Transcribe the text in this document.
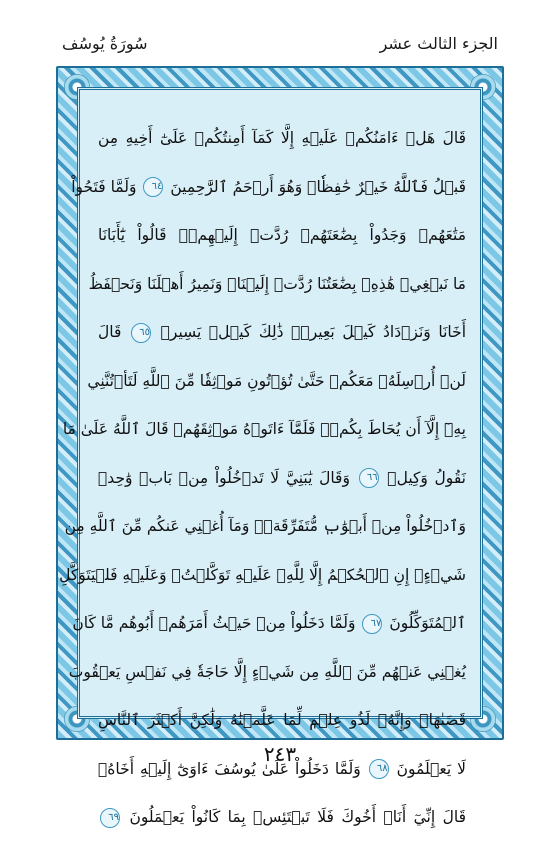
سُورَةُ يُوسُف	الجزء الثالث عشر
قَالَ هَلۡ ءَامَنُكُمۡ عَلَيۡهِ إِلَّا كَمَآ أَمِنتُكُمۡ عَلَىٰٓ أَخِيهِ مِن
قَبۡلُ فَٱللَّهُ خَيۡرٌ حَٰفِظٗاۖ وَهُوَ أَرۡحَمُ ٱلرَّٰحِمِينَ ٦٤ وَلَمَّا فَتَحُواْ
مَتَٰعَهُمۡ وَجَدُواْ بِضَٰعَتَهُمۡ رُدَّتۡ إِلَيۡهِمۡۖ قَالُواْ يَٰٓأَبَانَا
مَا نَبۡغِيۖ هَٰذِهِۦ بِضَٰعَتُنَا رُدَّتۡ إِلَيۡنَاۖ وَنَمِيرُ أَهۡلَنَا وَنَحۡفَظُ
أَخَانَا وَنَزۡدَادُ كَيۡلَ بَعِيرٖۖ ذَٰلِكَ كَيۡلٞ يَسِيرٞ ٦٥ قَالَ
لَنۡ أُرۡسِلَهُۥ مَعَكُمۡ حَتَّىٰ تُؤۡتُونِ مَوۡثِقٗا مِّنَ ٱللَّهِ لَتَأۡتُنَّنِي
بِهِۦٓ إِلَّآ أَن يُحَاطَ بِكُمۡۖ فَلَمَّآ ءَاتَوۡهُ مَوۡثِقَهُمۡ قَالَ ٱللَّهُ عَلَىٰ مَا
نَقُولُ وَكِيلٞ ٦٦ وَقَالَ يَٰبَنِيَّ لَا تَدۡخُلُواْ مِنۢ بَابٖ وَٰحِدٖ
وَٱدۡخُلُواْ مِنۡ أَبۡوَٰبٖ مُّتَفَرِّقَةٖۖ وَمَآ أُغۡنِي عَنكُم مِّنَ ٱللَّهِ مِن
شَيۡءٍۖ إِنِ ٱلۡحُكۡمُ إِلَّا لِلَّهِۖ عَلَيۡهِ تَوَكَّلۡتُۖ وَعَلَيۡهِ فَلۡيَتَوَكَّلِ
ٱلۡمُتَوَكِّلُونَ ٦٧ وَلَمَّا دَخَلُواْ مِنۡ حَيۡثُ أَمَرَهُمۡ أَبُوهُم مَّا كَانَ
يُغۡنِي عَنۡهُم مِّنَ ٱللَّهِ مِن شَيۡءٍ إِلَّا حَاجَةٗ فِي نَفۡسِ يَعۡقُوبَ
قَضَىٰهَاۚ وَإِنَّهُۥ لَذُو عِلۡمٖ لِّمَا عَلَّمۡنَٰهُ وَلَٰكِنَّ أَكۡثَرَ ٱلنَّاسِ
لَا يَعۡلَمُونَ ٦٨ وَلَمَّا دَخَلُواْ عَلَىٰ يُوسُفَ ءَاوَىٰٓ إِلَيۡهِ أَخَاهُۖ
قَالَ إِنِّيٓ أَنَا۠ أَخُوكَ فَلَا تَبۡتَئِسۡ بِمَا كَانُواْ يَعۡمَلُونَ ٦٩
٢٤٣
